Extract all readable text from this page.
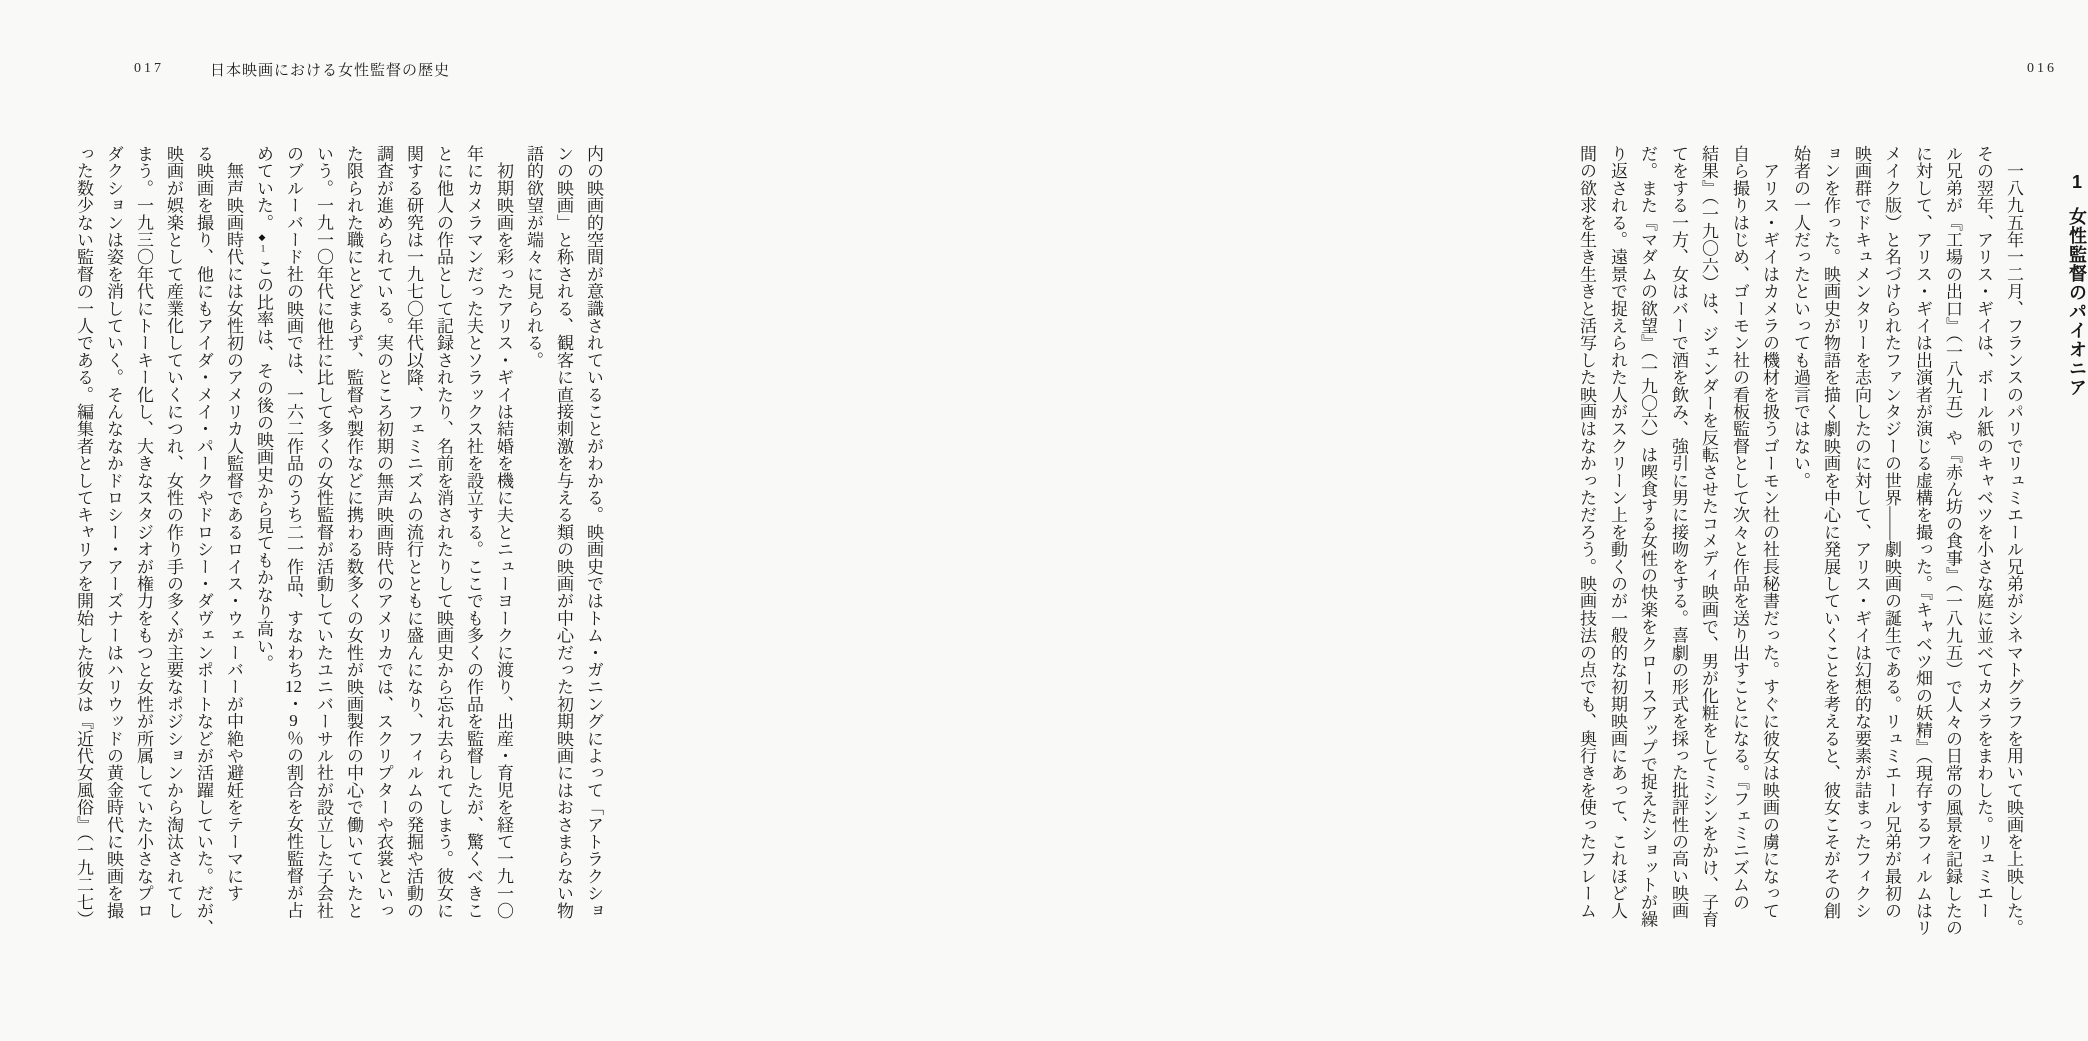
016
1女性監督のパイオニア
　一八九五年一二月、フランスのパリでリュミエール兄弟がシネマトグラフを用いて映画を上映した。
その翌年、アリス・ギイは、ボール紙のキャベツを小さな庭に並べてカメラをまわした。リュミエー
ル兄弟が『工場の出口』（一八九五）や『赤ん坊の食事』（一八九五）で人々の日常の風景を記録したの
に対して、アリス・ギイは出演者が演じる虚構を撮った。『キャベツ畑の妖精』（現存するフィルムはリ
メイク版）と名づけられたファンタジーの世界――劇映画の誕生である。リュミエール兄弟が最初の
映画群でドキュメンタリーを志向したのに対して、アリス・ギイは幻想的な要素が詰まったフィクシ
ョンを作った。映画史が物語を描く劇映画を中心に発展していくことを考えると、彼女こそがその創
始者の一人だったといっても過言ではない。
　アリス・ギイはカメラの機材を扱うゴーモン社の社長秘書だった。すぐに彼女は映画の虜になって
自ら撮りはじめ、ゴーモン社の看板監督として次々と作品を送り出すことになる。『フェミニズムの
結果』（一九〇六）は、ジェンダーを反転させたコメディ映画で、男が化粧をしてミシンをかけ、子育
てをする一方、女はバーで酒を飲み、強引に男に接吻をする。喜劇の形式を採った批評性の高い映画
だ。また『マダムの欲望』（一九〇六）は喫食する女性の快楽をクロースアップで捉えたショットが繰
り返される。遠景で捉えられた人がスクリーン上を動くのが一般的な初期映画にあって、これほど人
間の欲求を生き生きと活写した映画はなかっただろう。映画技法の点でも、奥行きを使ったフレーム
017	日本映画における女性監督の歴史
内の映画的空間が意識されていることがわかる。映画史ではトム・ガニングによって「アトラクショ
ンの映画」と称される、観客に直接刺激を与える類の映画が中心だった初期映画にはおさまらない物
語的欲望が端々に見られる。
　初期映画を彩ったアリス・ギイは結婚を機に夫とニューヨークに渡り、出産・育児を経て一九一〇
年にカメラマンだった夫とソラックス社を設立する。ここでも多くの作品を監督したが、驚くべきこ
とに他人の作品として記録されたり、名前を消されたりして映画史から忘れ去られてしまう。彼女に
関する研究は一九七〇年代以降、フェミニズムの流行とともに盛んになり、フィルムの発掘や活動の
調査が進められている。実のところ初期の無声映画時代のアメリカでは、スクリプターや衣裳といっ
た限られた職にとどまらず、監督や製作などに携わる数多くの女性が映画製作の中心で働いていたと
いう。一九一〇年代に他社に比して多くの女性監督が活動していたユニバーサル社が設立した子会社
のブルーバード社の映画では、一六二作品のうち二一作品、すなわち12・9％の割合を女性監督が占
めていた。◆1この比率は、その後の映画史から見てもかなり高い。
　無声映画時代には女性初のアメリカ人監督であるロイス・ウェーバーが中絶や避妊をテーマにす
る映画を撮り、他にもアイダ・メイ・パークやドロシー・ダヴェンポートなどが活躍していた。だが、
映画が娯楽として産業化していくにつれ、女性の作り手の多くが主要なポジションから淘汰されてし
まう。一九三〇年代にトーキー化し、大きなスタジオが権力をもつと女性が所属していた小さなプロ
ダクションは姿を消していく。そんななかドロシー・アーズナーはハリウッドの黄金時代に映画を撮
った数少ない監督の一人である。編集者としてキャリアを開始した彼女は『近代女風俗』（一九二七）
